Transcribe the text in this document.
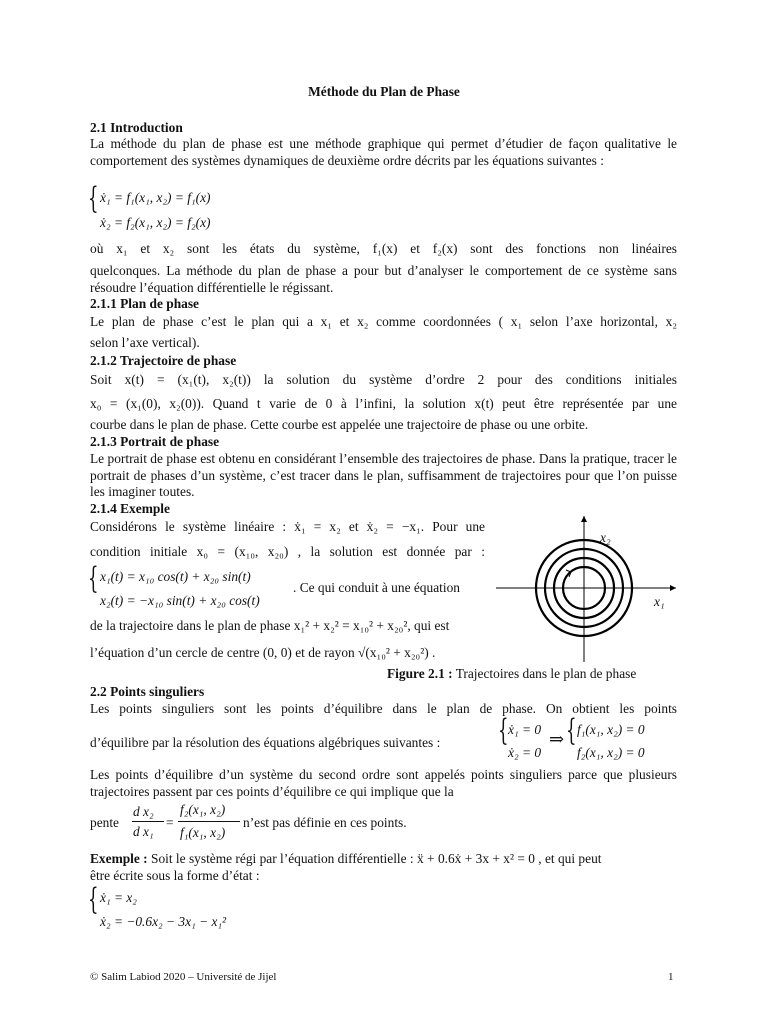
Méthode du Plan de Phase
2.1 Introduction
La méthode du plan de phase est une méthode graphique qui permet d’étudier de façon qualitative le comportement des systèmes dynamiques de deuxième ordre décrits par les équations suivantes :
{ ẋ₁ = f₁(x₁, x₂) = f₁(x)
ẋ₂ = f₂(x₁, x₂) = f₂(x)
où x₁ et x₂ sont les états du système, f₁(x) et f₂(x) sont des fonctions non linéaires
quelconques. La méthode du plan de phase a pour but d’analyser le comportement de ce système sans résoudre l’équation différentielle le régissant.
2.1.1 Plan de phase
Le plan de phase c’est le plan qui a x₁ et x₂ comme coordonnées ( x₁ selon l’axe horizontal, x₂
selon l’axe vertical).
2.1.2 Trajectoire de phase
Soit x(t) = (x₁(t), x₂(t)) la solution du système d’ordre 2 pour des conditions initiales
x₀ = (x₁(0), x₂(0)). Quand t varie de 0 à l’infini, la solution x(t) peut être représentée par une
courbe dans le plan de phase. Cette courbe est appelée une trajectoire de phase ou une orbite.
2.1.3 Portrait de phase
Le portrait de phase est obtenu en considérant l’ensemble des trajectoires de phase. Dans la pratique, tracer le portrait de phases d’un système, c’est tracer dans le plan, suffisamment de trajectoires pour que l’on puisse les imaginer toutes.
2.1.4 Exemple
Considérons le système linéaire : ẋ₁ = x₂ et ẋ₂ = −x₁. Pour une
condition initiale x₀ = (x₁₀, x₂₀) , la solution est donnée par :
{ x₁(t) = x₁₀ cos(t) + x₂₀ sin(t)
x₂(t) = −x₁₀ sin(t) + x₂₀ cos(t)
. Ce qui conduit à une équation
de la trajectoire dans le plan de phase x₁² + x₂² = x₁₀² + x₂₀², qui est
l’équation d’un cercle de centre (0, 0) et de rayon √(x₁₀² + x₂₀²) .
x₂
x₁
Figure 2.1 : Trajectoires dans le plan de phase
2.2 Points singuliers
Les points singuliers sont les points d’équilibre dans le plan de phase. On obtient les points
d’équilibre par la résolution des équations algébriques suivantes : { ẋ₁ = 0
ẋ₂ = 0
⇒ { f₁(x₁, x₂) = 0
f₂(x₁, x₂) = 0
Les points d’équilibre d’un système du second ordre sont appelés points singuliers parce que plusieurs trajectoires passent par ces points d’équilibre ce qui implique que la
pente
d x₂
d x₁
=
f₂(x₁, x₂)
f₁(x₁, x₂)
n’est pas définie en ces points.
Exemple : Soit le système régi par l’équation différentielle : ẍ + 0.6ẋ + 3x + x² = 0 , et qui peut
être écrite sous la forme d’état :
{ ẋ₁ = x₂
ẋ₂ = −0.6x₂ − 3x₁ − x₁²
© Salim Labiod 2020 – Université de Jijel	1
